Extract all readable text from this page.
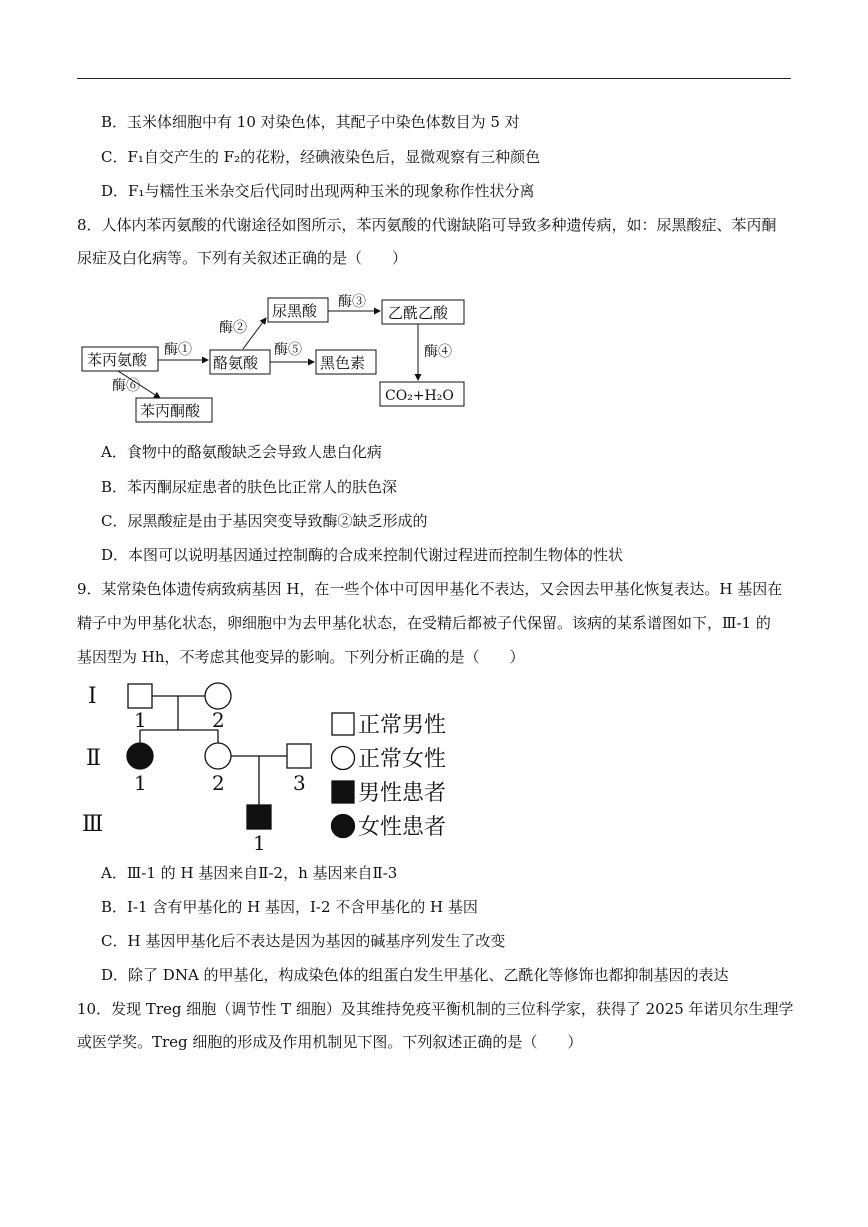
B．玉米体细胞中有 10 对染色体，其配子中染色体数目为 5 对
C．F₁自交产生的 F₂的花粉，经碘液染色后，显微观察有三种颜色
D．F₁与糯性玉米杂交后代同时出现两种玉米的现象称作性状分离
8．人体内苯丙氨酸的代谢途径如图所示，苯丙氨酸的代谢缺陷可导致多种遗传病，如：尿黑酸症、苯丙酮
尿症及白化病等。下列有关叙述正确的是（　　）
苯丙氨酸	酪氨酸
尿黑酸	乙酰乙酸
黑色素
苯丙酮酸
CO₂+H₂O
酶①
酶②
酶③
酶④
酶⑤
酶⑥
A．食物中的酪氨酸缺乏会导致人患白化病
B．苯丙酮尿症患者的肤色比正常人的肤色深
C．尿黑酸症是由于基因突变导致酶②缺乏形成的
D．本图可以说明基因通过控制酶的合成来控制代谢过程进而控制生物体的性状
9．某常染色体遗传病致病基因 H，在一些个体中可因甲基化不表达，又会因去甲基化恢复表达。H 基因在
精子中为甲基化状态，卵细胞中为去甲基化状态，在受精后都被子代保留。该病的某系谱图如下，Ⅲ-1 的
基因型为 Hh，不考虑其他变异的影响。下列分析正确的是（　　）
Ⅰ
Ⅱ
Ⅲ
1	2
1	2	3
1
正常男性
正常女性
男性患者
女性患者
A．Ⅲ-1 的 H 基因来自Ⅱ-2，h 基因来自Ⅱ-3
B．Ⅰ-1 含有甲基化的 H 基因，Ⅰ-2 不含甲基化的 H 基因
C．H 基因甲基化后不表达是因为基因的碱基序列发生了改变
D．除了 DNA 的甲基化，构成染色体的组蛋白发生甲基化、乙酰化等修饰也都抑制基因的表达
10．发现 Treg 细胞（调节性 T 细胞）及其维持免疫平衡机制的三位科学家，获得了 2025 年诺贝尔生理学
或医学奖。Treg 细胞的形成及作用机制见下图。下列叙述正确的是（　　）
